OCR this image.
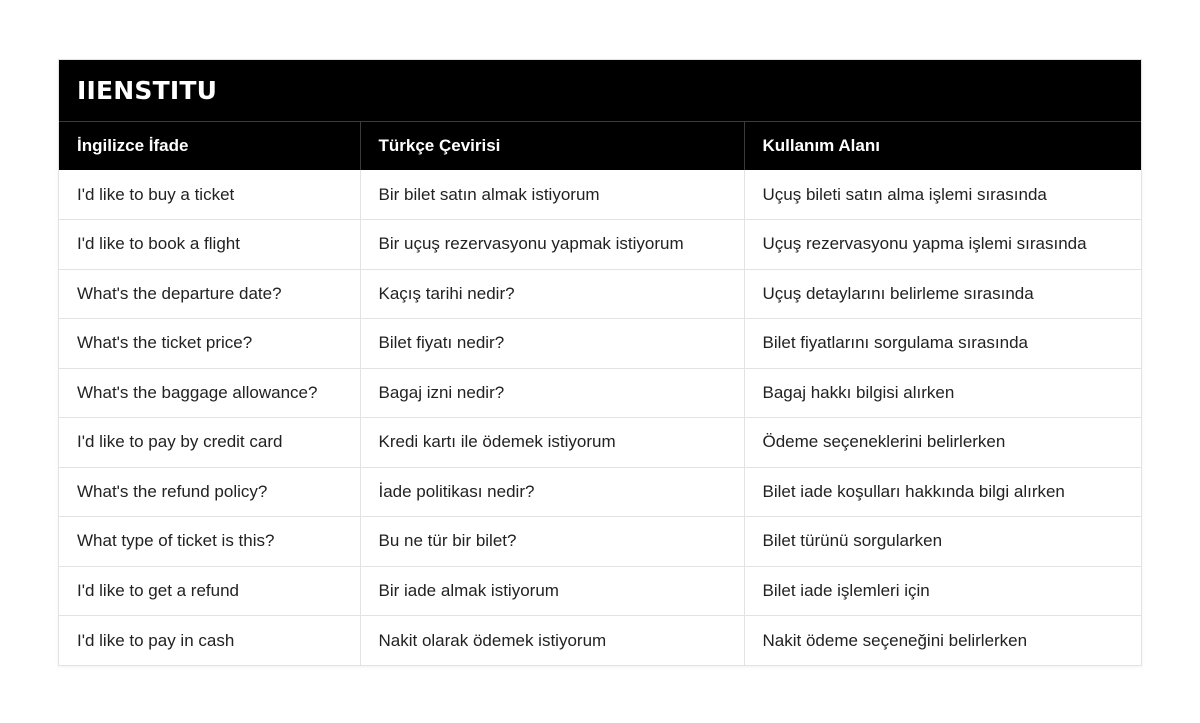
IIENSTITU
İngilizce İfade	Türkçe Çevirisi	Kullanım Alanı
I'd like to buy a ticket	Bir bilet satın almak istiyorum	Uçuş bileti satın alma işlemi sırasında
I'd like to book a flight	Bir uçuş rezervasyonu yapmak istiyorum	Uçuş rezervasyonu yapma işlemi sırasında
What's the departure date?	Kaçış tarihi nedir?	Uçuş detaylarını belirleme sırasında
What's the ticket price?	Bilet fiyatı nedir?	Bilet fiyatlarını sorgulama sırasında
What's the baggage allowance?	Bagaj izni nedir?	Bagaj hakkı bilgisi alırken
I'd like to pay by credit card	Kredi kartı ile ödemek istiyorum	Ödeme seçeneklerini belirlerken
What's the refund policy?	İade politikası nedir?	Bilet iade koşulları hakkında bilgi alırken
What type of ticket is this?	Bu ne tür bir bilet?	Bilet türünü sorgularken
I'd like to get a refund	Bir iade almak istiyorum	Bilet iade işlemleri için
I'd like to pay in cash	Nakit olarak ödemek istiyorum	Nakit ödeme seçeneğini belirlerken
